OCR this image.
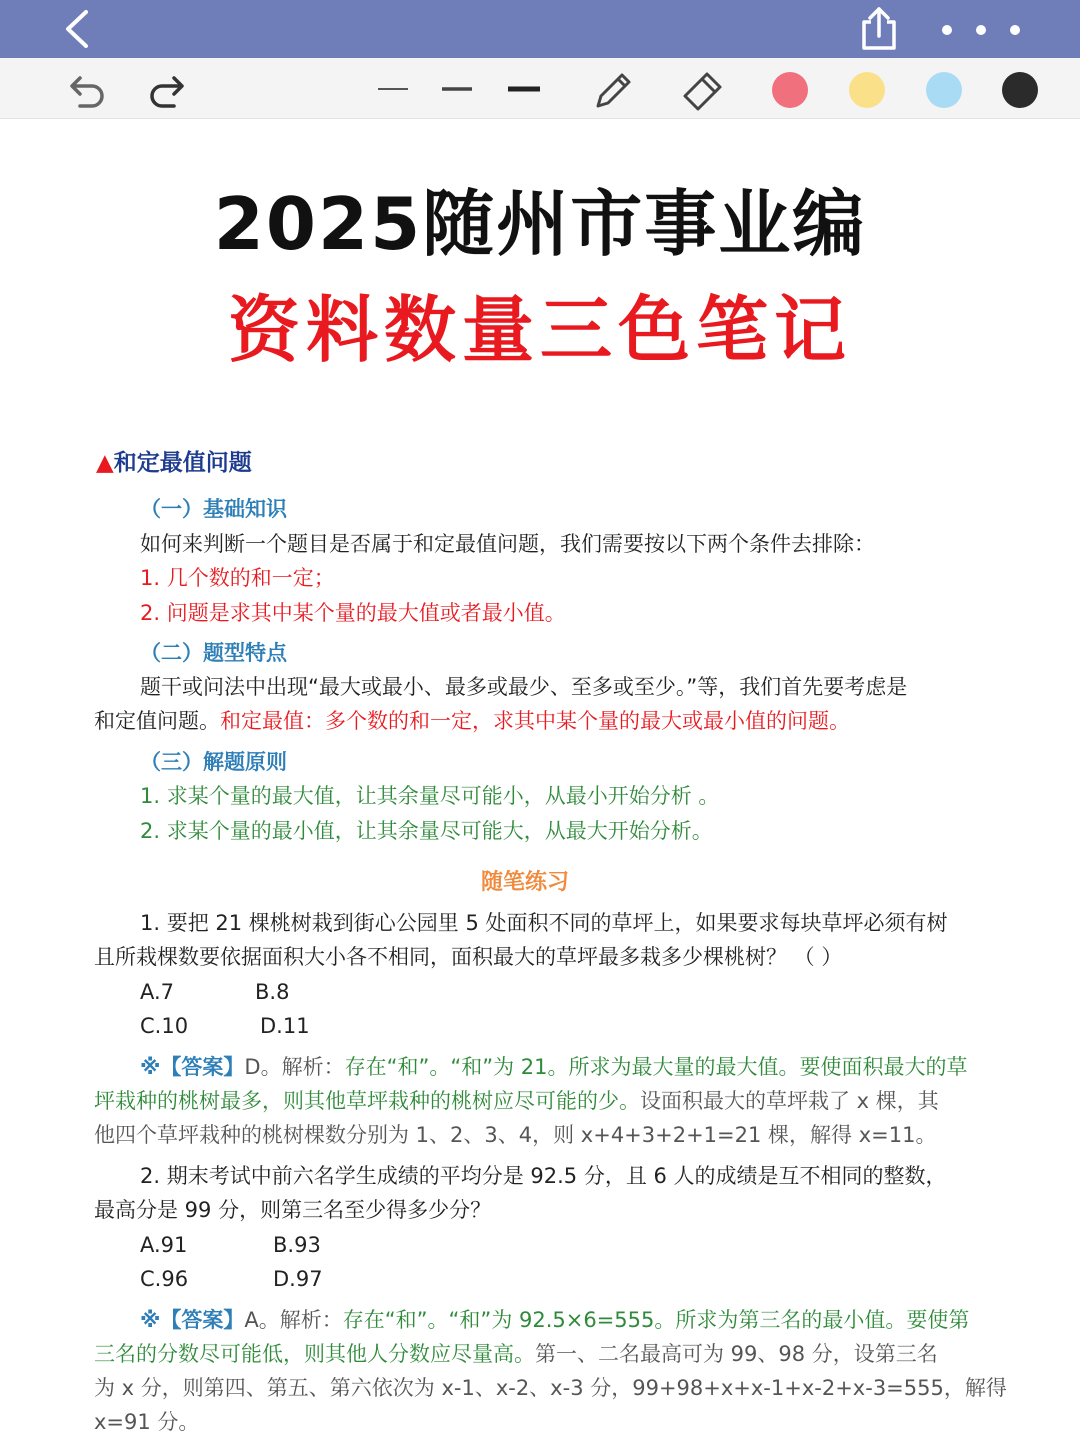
2025随州市事业编
资料数量三色笔记
▲和定最值问题
（一）基础知识
如何来判断一个题目是否属于和定最值问题，我们需要按以下两个条件去排除：
1. 几个数的和一定；
2. 问题是求其中某个量的最大值或者最小值。
（二）题型特点
题干或问法中出现“最大或最小、最多或最少、至多或至少。”等，我们首先要考虑是
和定值问题。和定最值：多个数的和一定，求其中某个量的最大或最小值的问题。
（三）解题原则
1. 求某个量的最大值，让其余量尽可能小，从最小开始分析 。
2. 求某个量的最小值，让其余量尽可能大，从最大开始分析。
随笔练习
1. 要把 21 棵桃树栽到街心公园里 5 处面积不同的草坪上，如果要求每块草坪必须有树
且所栽棵数要依据面积大小各不相同，面积最大的草坪最多栽多少棵桃树？ （ ）
A.7	B.8
C.10	D.11
※【答案】D。解析：存在“和”。“和”为 21。所求为最大量的最大值。要使面积最大的草
坪栽种的桃树最多，则其他草坪栽种的桃树应尽可能的少。设面积最大的草坪栽了 x 棵，其
他四个草坪栽种的桃树棵数分别为 1、2、3、4，则 x+4+3+2+1=21 棵，解得 x=11。
2. 期末考试中前六名学生成绩的平均分是 92.5 分，且 6 人的成绩是互不相同的整数，
最高分是 99 分，则第三名至少得多少分？
A.91	B.93
C.96	D.97
※【答案】A。解析：存在“和”。“和”为 92.5×6=555。所求为第三名的最小值。要使第
三名的分数尽可能低，则其他人分数应尽量高。第一、二名最高可为 99、98 分，设第三名
为 x 分，则第四、第五、第六依次为 x-1、x-2、x-3 分，99+98+x+x-1+x-2+x-3=555，解得
x=91 分。
